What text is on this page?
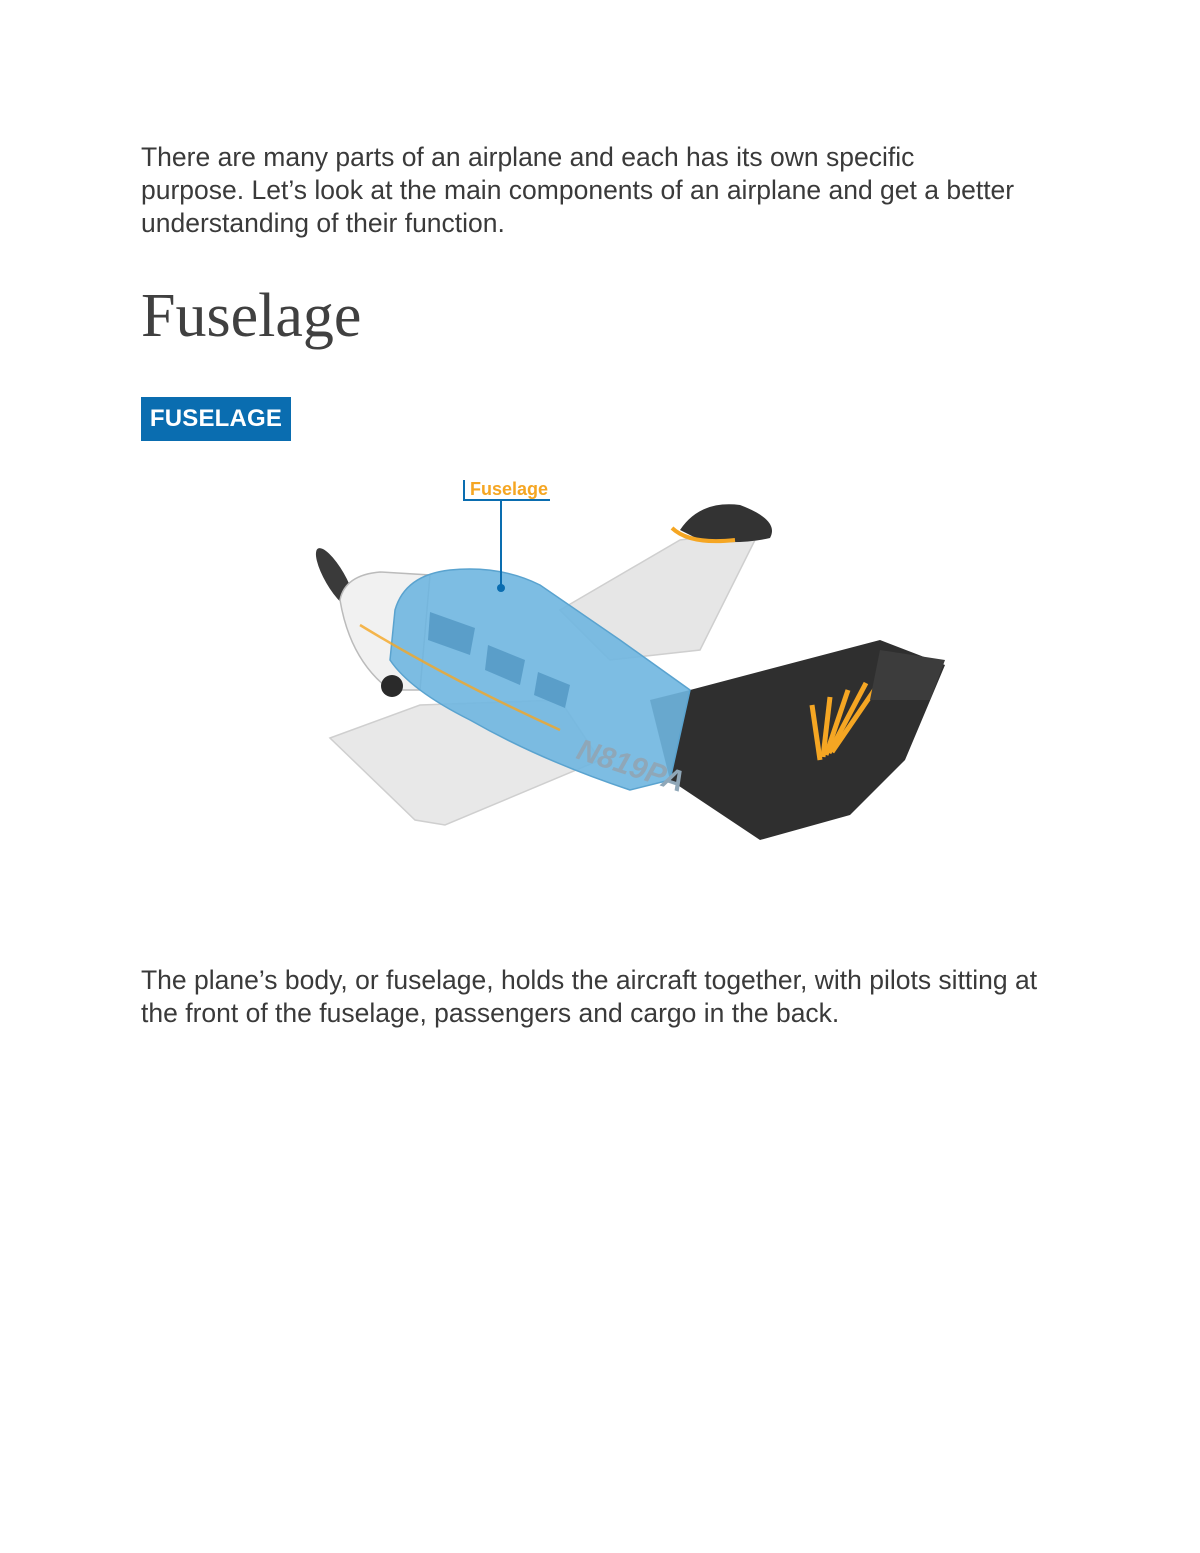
There are many parts of an airplane and each has its own specific purpose. Let’s look at the main components of an airplane and get a better understanding of their function.

Fuselage
FUSELAGE
N819PA
Fuselage

The plane’s body, or fuselage, holds the aircraft together, with pilots sitting at the front of the fuselage, passengers and cargo in the back.
